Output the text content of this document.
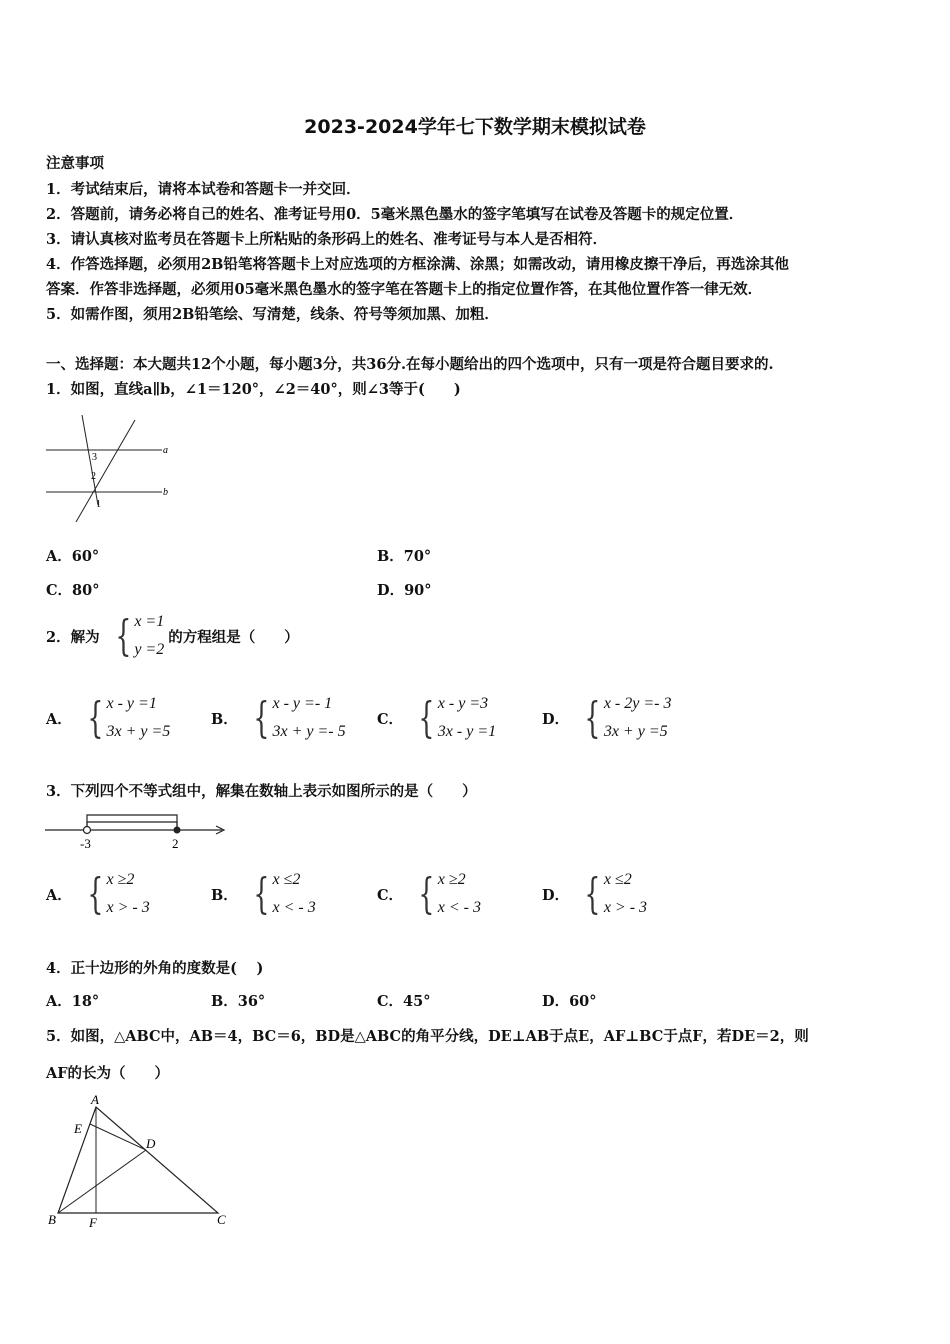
2023-2024学年七下数学期末模拟试卷
注意事项
1．考试结束后，请将本试卷和答题卡一并交回．
2．答题前，请务必将自己的姓名、准考证号用0．5毫米黑色墨水的签字笔填写在试卷及答题卡的规定位置．
3．请认真核对监考员在答题卡上所粘贴的条形码上的姓名、准考证号与本人是否相符．
4．作答选择题，必须用2B铅笔将答题卡上对应选项的方框涂满、涂黑；如需改动，请用橡皮擦干净后，再选涂其他
答案．作答非选择题，必须用05毫米黑色墨水的签字笔在答题卡上的指定位置作答，在其他位置作答一律无效．
5．如需作图，须用2B铅笔绘、写清楚，线条、符号等须加黑、加粗．
一、选择题：本大题共12个小题，每小题3分，共36分.在每小题给出的四个选项中，只有一项是符合题目要求的.
1．如图，直线a∥b，∠1＝120°，∠2＝40°，则∠3等于(　　)
a
b
3
2
1
A．60°	B．70°
C．80°	D．90°
2．解为 { x =1
y =2
的方程组是（　　）
A． { x - y =1
3x + y =5
B． { x - y =- 1
3x + y =- 5
C． { x - y =3
3x - y =1
D． { x - 2y =- 3
3x + y =5
3．下列四个不等式组中，解集在数轴上表示如图所示的是（　　）
-3	2
A． { x ≥2
x > - 3
B． { x ≤2
x < - 3
C． { x ≥2
x < - 3
D． { x ≤2
x > - 3
4．正十边形的外角的度数是(　 )
A．18°	B．36°	C．45°	D．60°
5．如图，△ABC中，AB＝4，BC＝6，BD是△ABC的角平分线，DE⊥AB于点E，AF⊥BC于点F，若DE＝2，则
AF的长为（　　）
A
E
D
B	F	C
